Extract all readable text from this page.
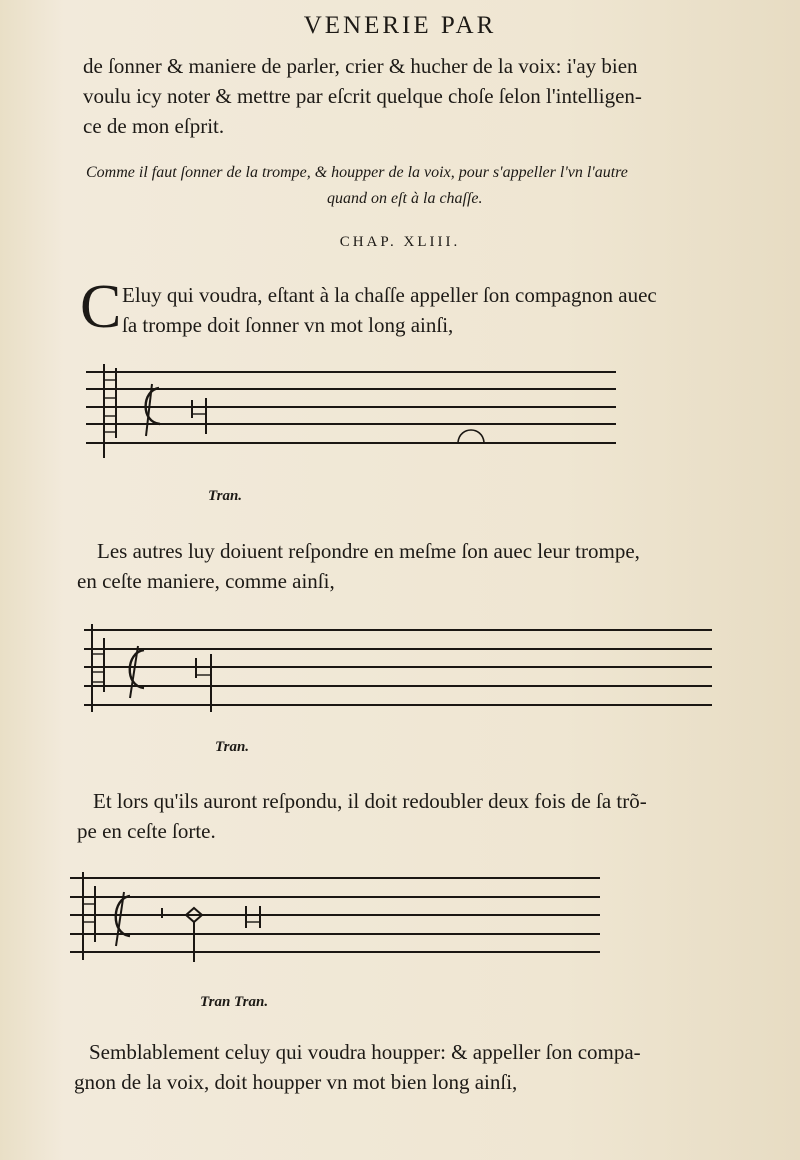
VENERIE PAR
de ſonner & maniere de parler, crier & hucher de la voix: i'ay bien
voulu icy noter & mettre par eſcrit quelque choſe ſelon l'intelligen-
ce de mon eſprit.
Comme il faut ſonner de la trompe, & houpper de la voix, pour s'appeller l'vn l'autre
quand on eſt à la chaſſe.
CHAP. XLIII.
C Eluy qui voudra, eſtant à la chaſſe appeller ſon compagnon auec
ſa trompe doit ſonner vn mot long ainſi,
Tran.
Les autres luy doiuent reſpondre en meſme ſon auec leur trompe,
en ceſte maniere, comme ainſi,
Tran.
Et lors qu'ils auront reſpondu, il doit redoubler deux fois de ſa trõ-
pe en ceſte ſorte.
Tran Tran.
Semblablement celuy qui voudra houpper: & appeller ſon compa-
gnon de la voix, doit houpper vn mot bien long ainſi,
